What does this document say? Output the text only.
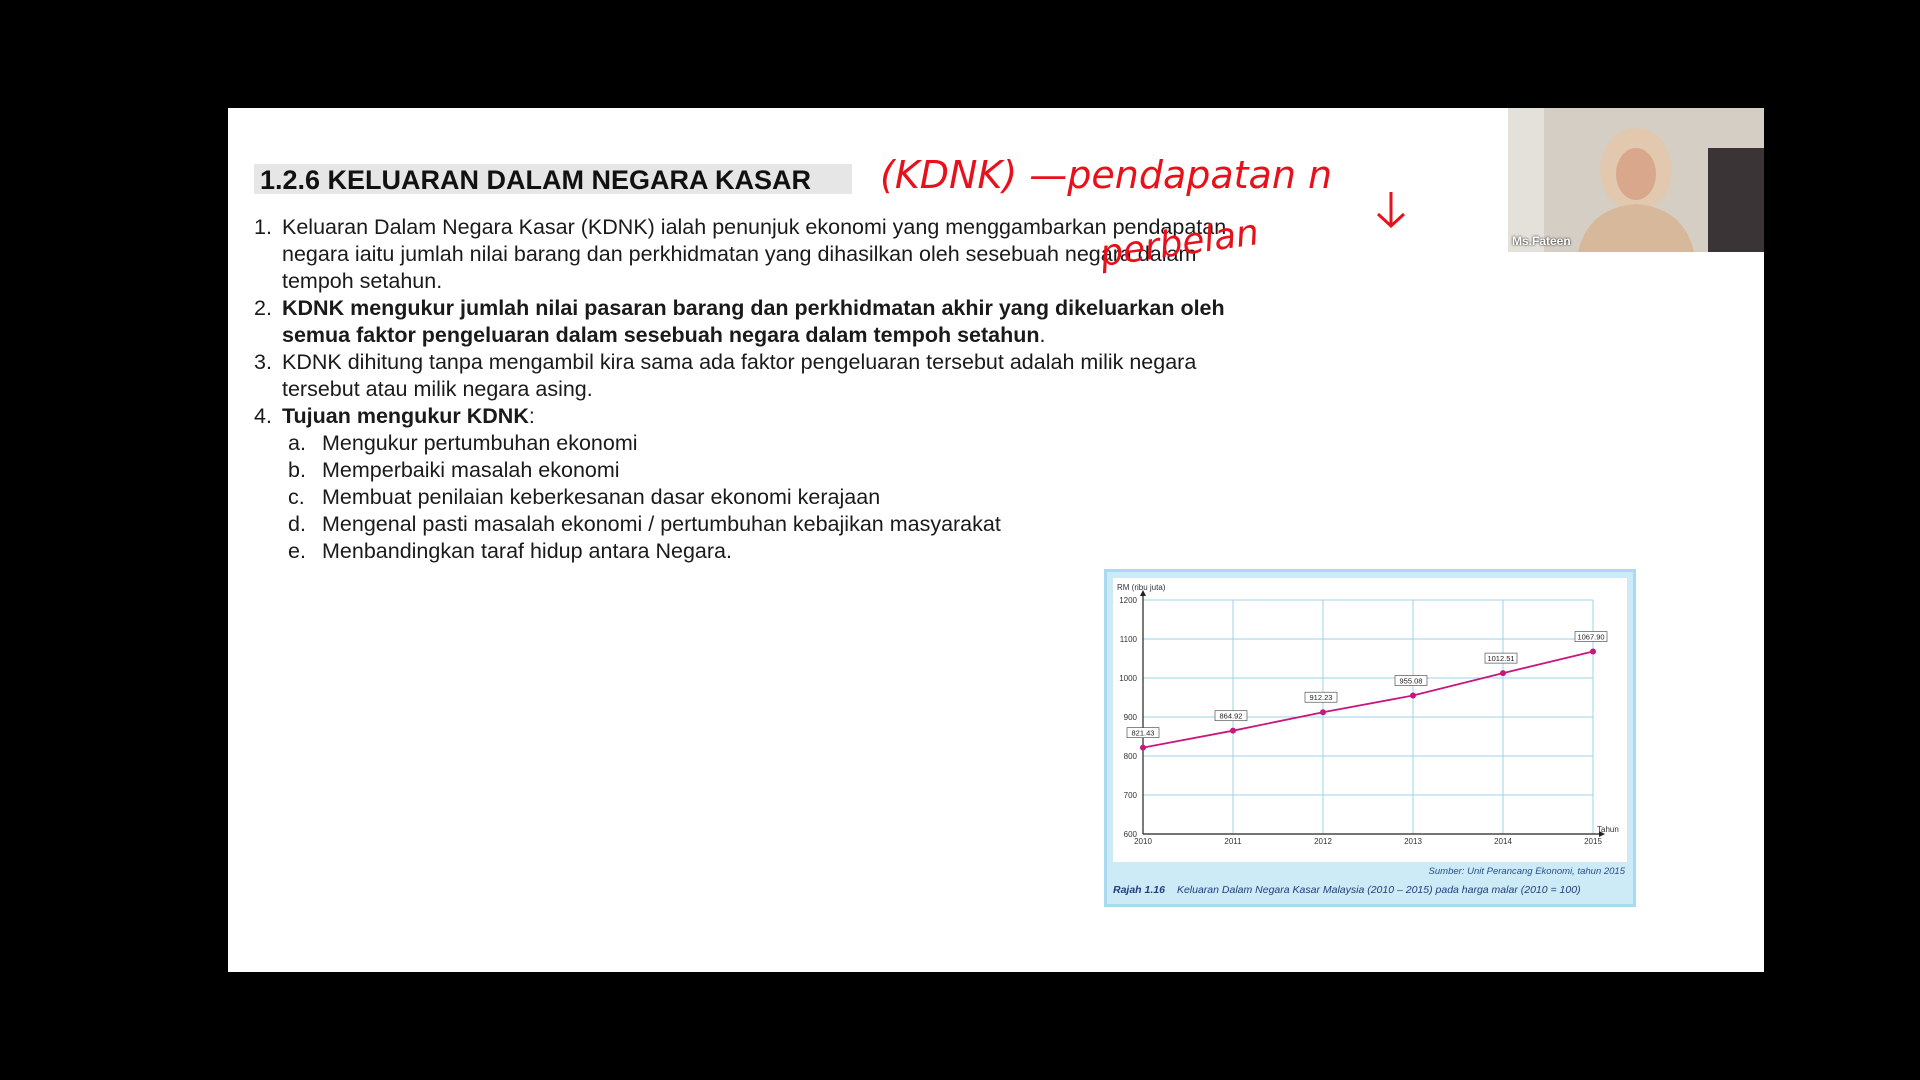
1.2.6 KELUARAN DALAM NEGARA KASAR
1. Keluaran Dalam Negara Kasar (KDNK) ialah penunjuk ekonomi yang menggambarkan pendapatan negara iaitu jumlah nilai barang dan perkhidmatan yang dihasilkan oleh sesebuah negara dalam tempoh setahun.
2. KDNK mengukur jumlah nilai pasaran barang dan perkhidmatan akhir yang dikeluarkan oleh semua faktor pengeluaran dalam sesebuah negara dalam tempoh setahun.
3. KDNK dihitung tanpa mengambil kira sama ada faktor pengeluaran tersebut adalah milik negara tersebut atau milik negara asing.
4. Tujuan mengukur KDNK:
a. Mengukur pertumbuhan ekonomi
b. Memperbaiki masalah ekonomi
c. Membuat penilaian keberkesanan dasar ekonomi kerajaan
d. Mengenal pasti masalah ekonomi / pertumbuhan kebajikan masyarakat
e. Menbandingkan taraf hidup antara Negara.
(KDNK) —pendapatan n
perbelan
600
700
800
900
1000
1100
1200
2010	2011	2012	2013	2014	2015
RM (ribu juta)
Tahun
821.43
864.92
912.23
955.08
1012.51
1067.90
Sumber: Unit Perancang Ekonomi, tahun 2015
Rajah 1.16 Keluaran Dalam Negara Kasar Malaysia (2010 – 2015) pada harga malar (2010 = 100)
Ms.Fateen
